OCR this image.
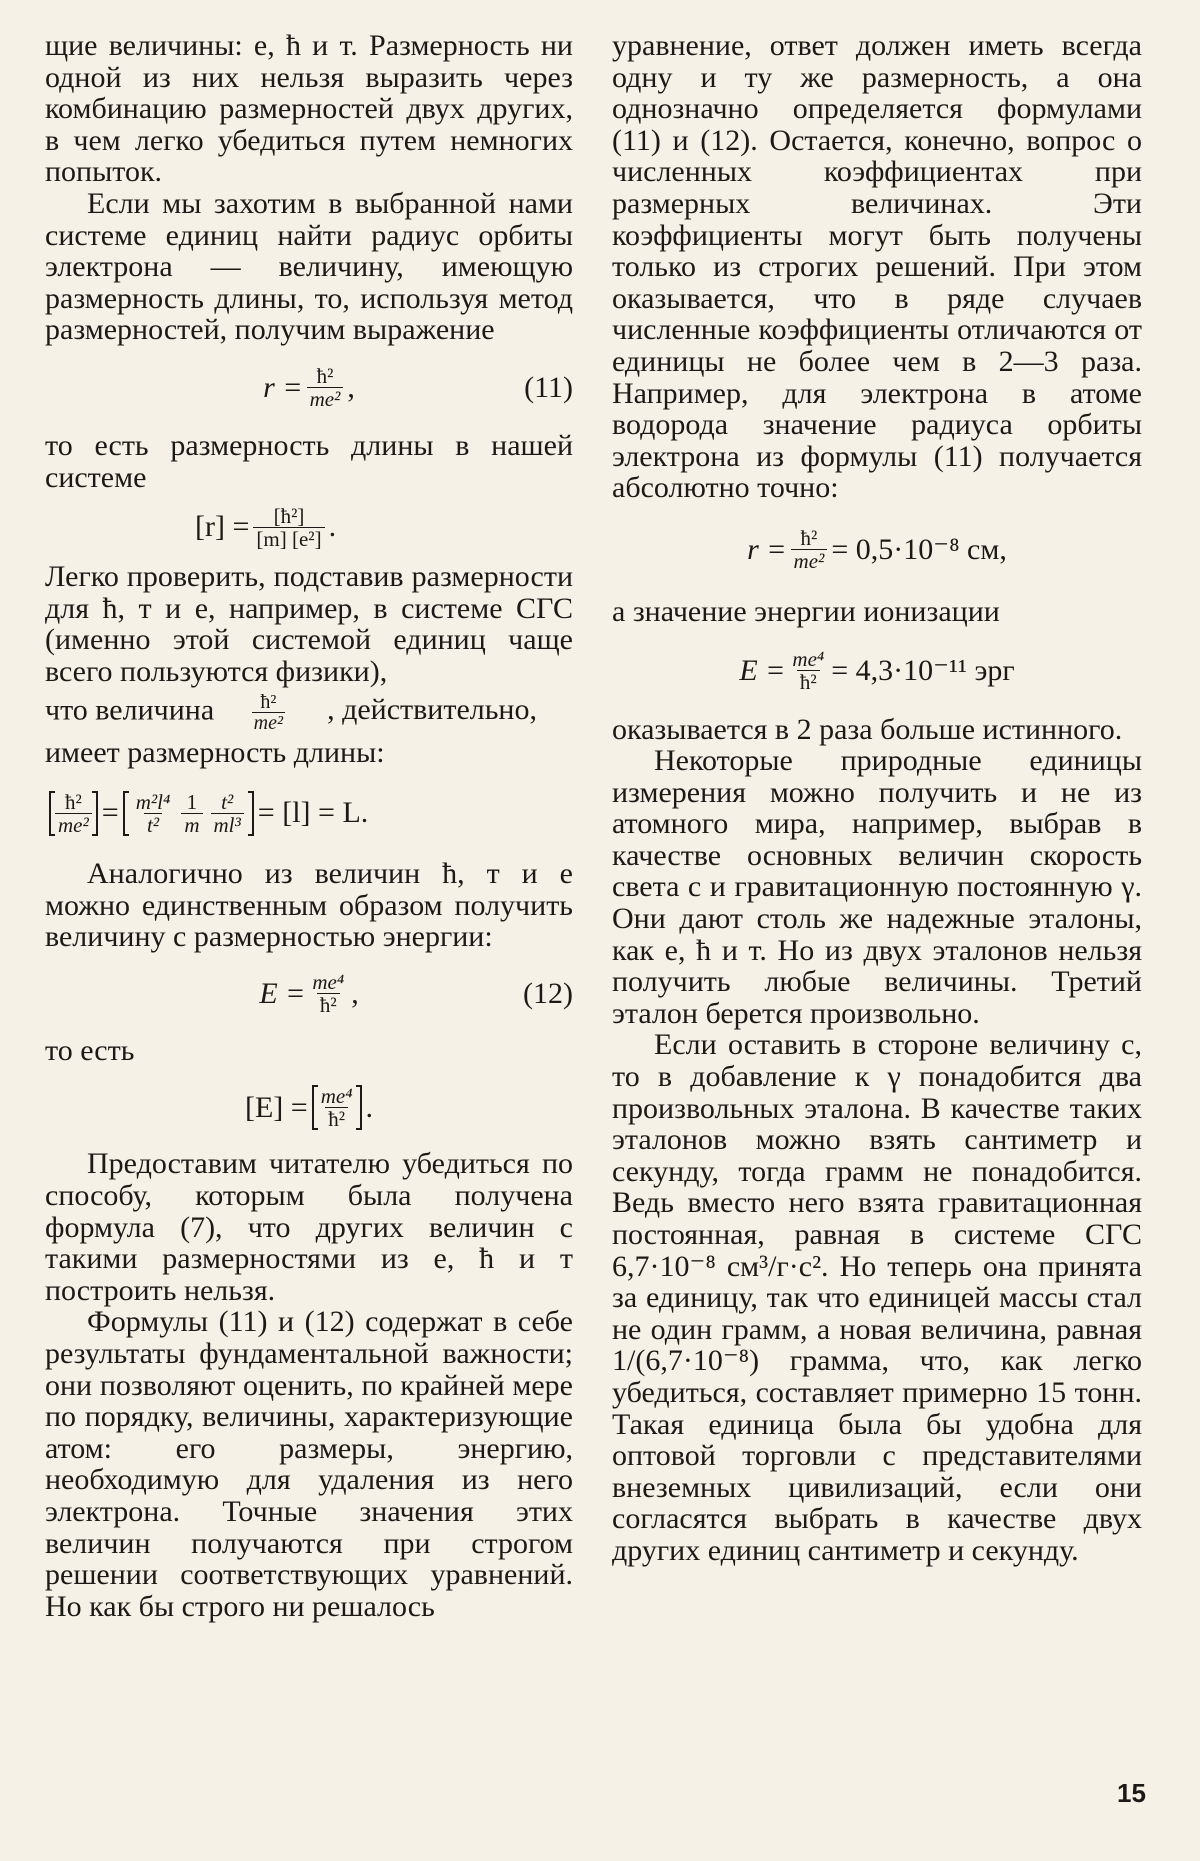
щие величины: е, ħ и т. Размерность ни одной из них нельзя выразить через комбинацию размерностей двух других, в чем легко убедиться путем немногих попыток.

Если мы захотим в выбранной нами системе единиц найти радиус орбиты электрона — величину, имеющую размерность длины, то, используя метод размерностей, получим выражение

$r = \frac{\text{ħ²}}{\text{me²}}$ ,	(11)

то есть размерность длины в нашей системе

$[r] = \frac{\text{[ħ²]}}{\text{[m] [e²]}}$ .

Легко проверить, подставив размерности для ħ, т и е, например, в системе СГС (именно этой системой единиц чаще всего пользуются физики),

что величина $\frac{\text{ħ²}}{\text{me²}}$ , действительно,

имеет размерность длины:

$\frac{\text{ħ²}}{\text{me²}} = \frac{\text{m²l⁴}}{\text{t²}} \frac{1}{m} \frac{\text{t²}}{\text{ml³}} = [l] = L$.

Аналогично из величин ħ, т и е можно единственным образом получить величину с размерностью энергии:

$E = \frac{\text{me⁴}}{\text{ħ²}}$ ,	(12)

то есть

$[E] = \frac{\text{me⁴}}{\text{ħ²}}$ .

Предоставим читателю убедиться по способу, которым была получена формула (7), что других величин с такими размерностями из е, ħ и т построить нельзя.

Формулы (11) и (12) содержат в себе результаты фундаментальной важности; они позволяют оценить, по крайней мере по порядку, величины, характеризующие атом: его размеры, энергию, необходимую для удаления из него электрона. Точные значения этих величин получаются при строгом решении соответствующих уравнений. Но как бы строго ни решалось

уравнение, ответ должен иметь всегда одну и ту же размерность, а она однозначно определяется формулами (11) и (12). Остается, конечно, вопрос о численных коэффициентах при размерных величинах. Эти коэффициенты могут быть получены только из строгих решений. При этом оказывается, что в ряде случаев численные коэффициенты отличаются от единицы не более чем в 2—3 раза. Например, для электрона в атоме водорода значение радиуса орбиты электрона из формулы (11) получается абсолютно точно:

$r = \frac{\text{ħ²}}{\text{me²}} = 0,5\cdot 10^{-8}$ см,

а значение энергии ионизации

$E = \frac{\text{me⁴}}{\text{ħ²}} = 4,3\cdot 10^{-11}$ эрг

оказывается в 2 раза больше истинного.

Некоторые природные единицы измерения можно получить и не из атомного мира, например, выбрав в качестве основных величин скорость света с и гравитационную постоянную γ. Они дают столь же надежные эталоны, как е, ħ и т. Но из двух эталонов нельзя получить любые величины. Третий эталон берется произвольно.

Если оставить в стороне величину с, то в добавление к γ понадобится два произвольных эталона. В качестве таких эталонов можно взять сантиметр и секунду, тогда грамм не понадобится. Ведь вместо него взята гравитационная постоянная, равная в системе СГС 6,7·10⁻⁸ см³/г·с². Но теперь она принята за единицу, так что единицей массы стал не один грамм, а новая величина, равная 1/(6,7·10⁻⁸) грамма, что, как легко убедиться, составляет примерно 15 тонн. Такая единица была бы удобна для оптовой торговли с представителями внеземных цивилизаций, если они согласятся выбрать в качестве двух других единиц сантиметр и секунду.

15
